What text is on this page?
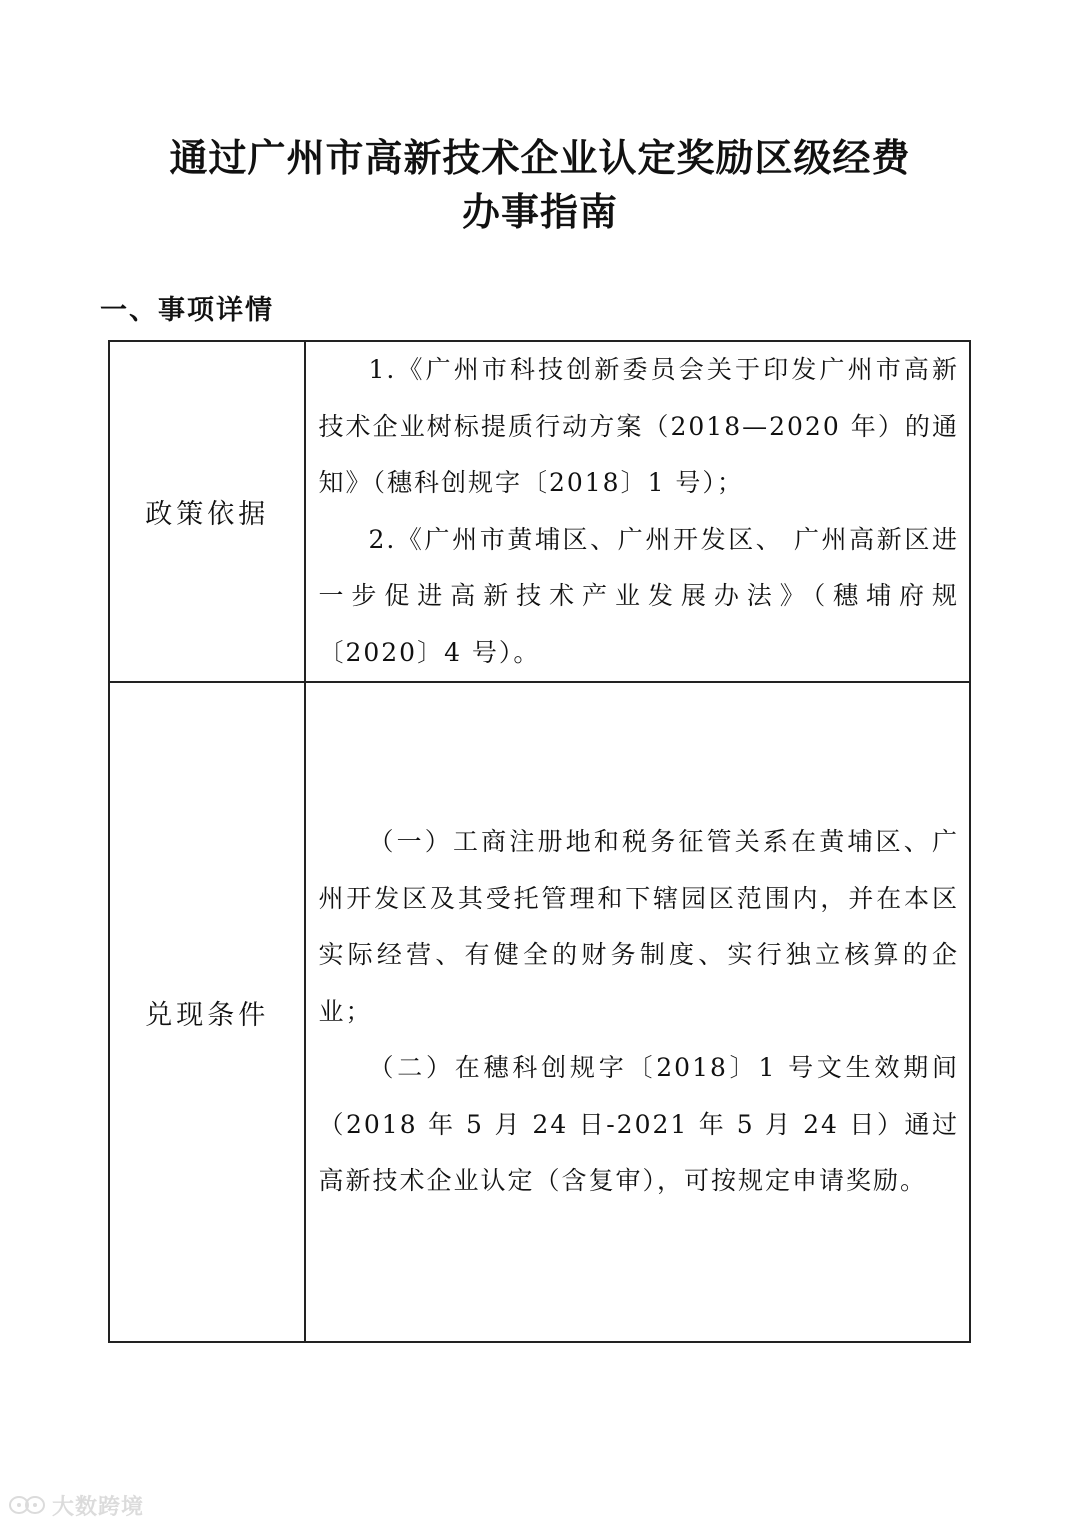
通过广州市高新技术企业认定奖励区级经费
办事指南
一、事项详情
政策依据	1.《广州市科技创新委员会关于印发广州市高新技术企业树标提质行动方案（2018—2020 年）的通知》（穗科创规字〔2018〕1 号）；

2.《广州市黄埔区、广州开发区、 广州高新区进一步促进高新技术产业发展办法》（穗埔府规〔2020〕4 号）。

兑现条件	（一）工商注册地和税务征管关系在黄埔区、广州开发区及其受托管理和下辖园区范围内，并在本区实际经营、有健全的财务制度、实行独立核算的企业；

（二）在穗科创规字〔2018〕1 号文生效期间（2018 年 5 月 24 日-2021 年 5 月 24 日）通过高新技术企业认定（含复审），可按规定申请奖励。

大数跨境
